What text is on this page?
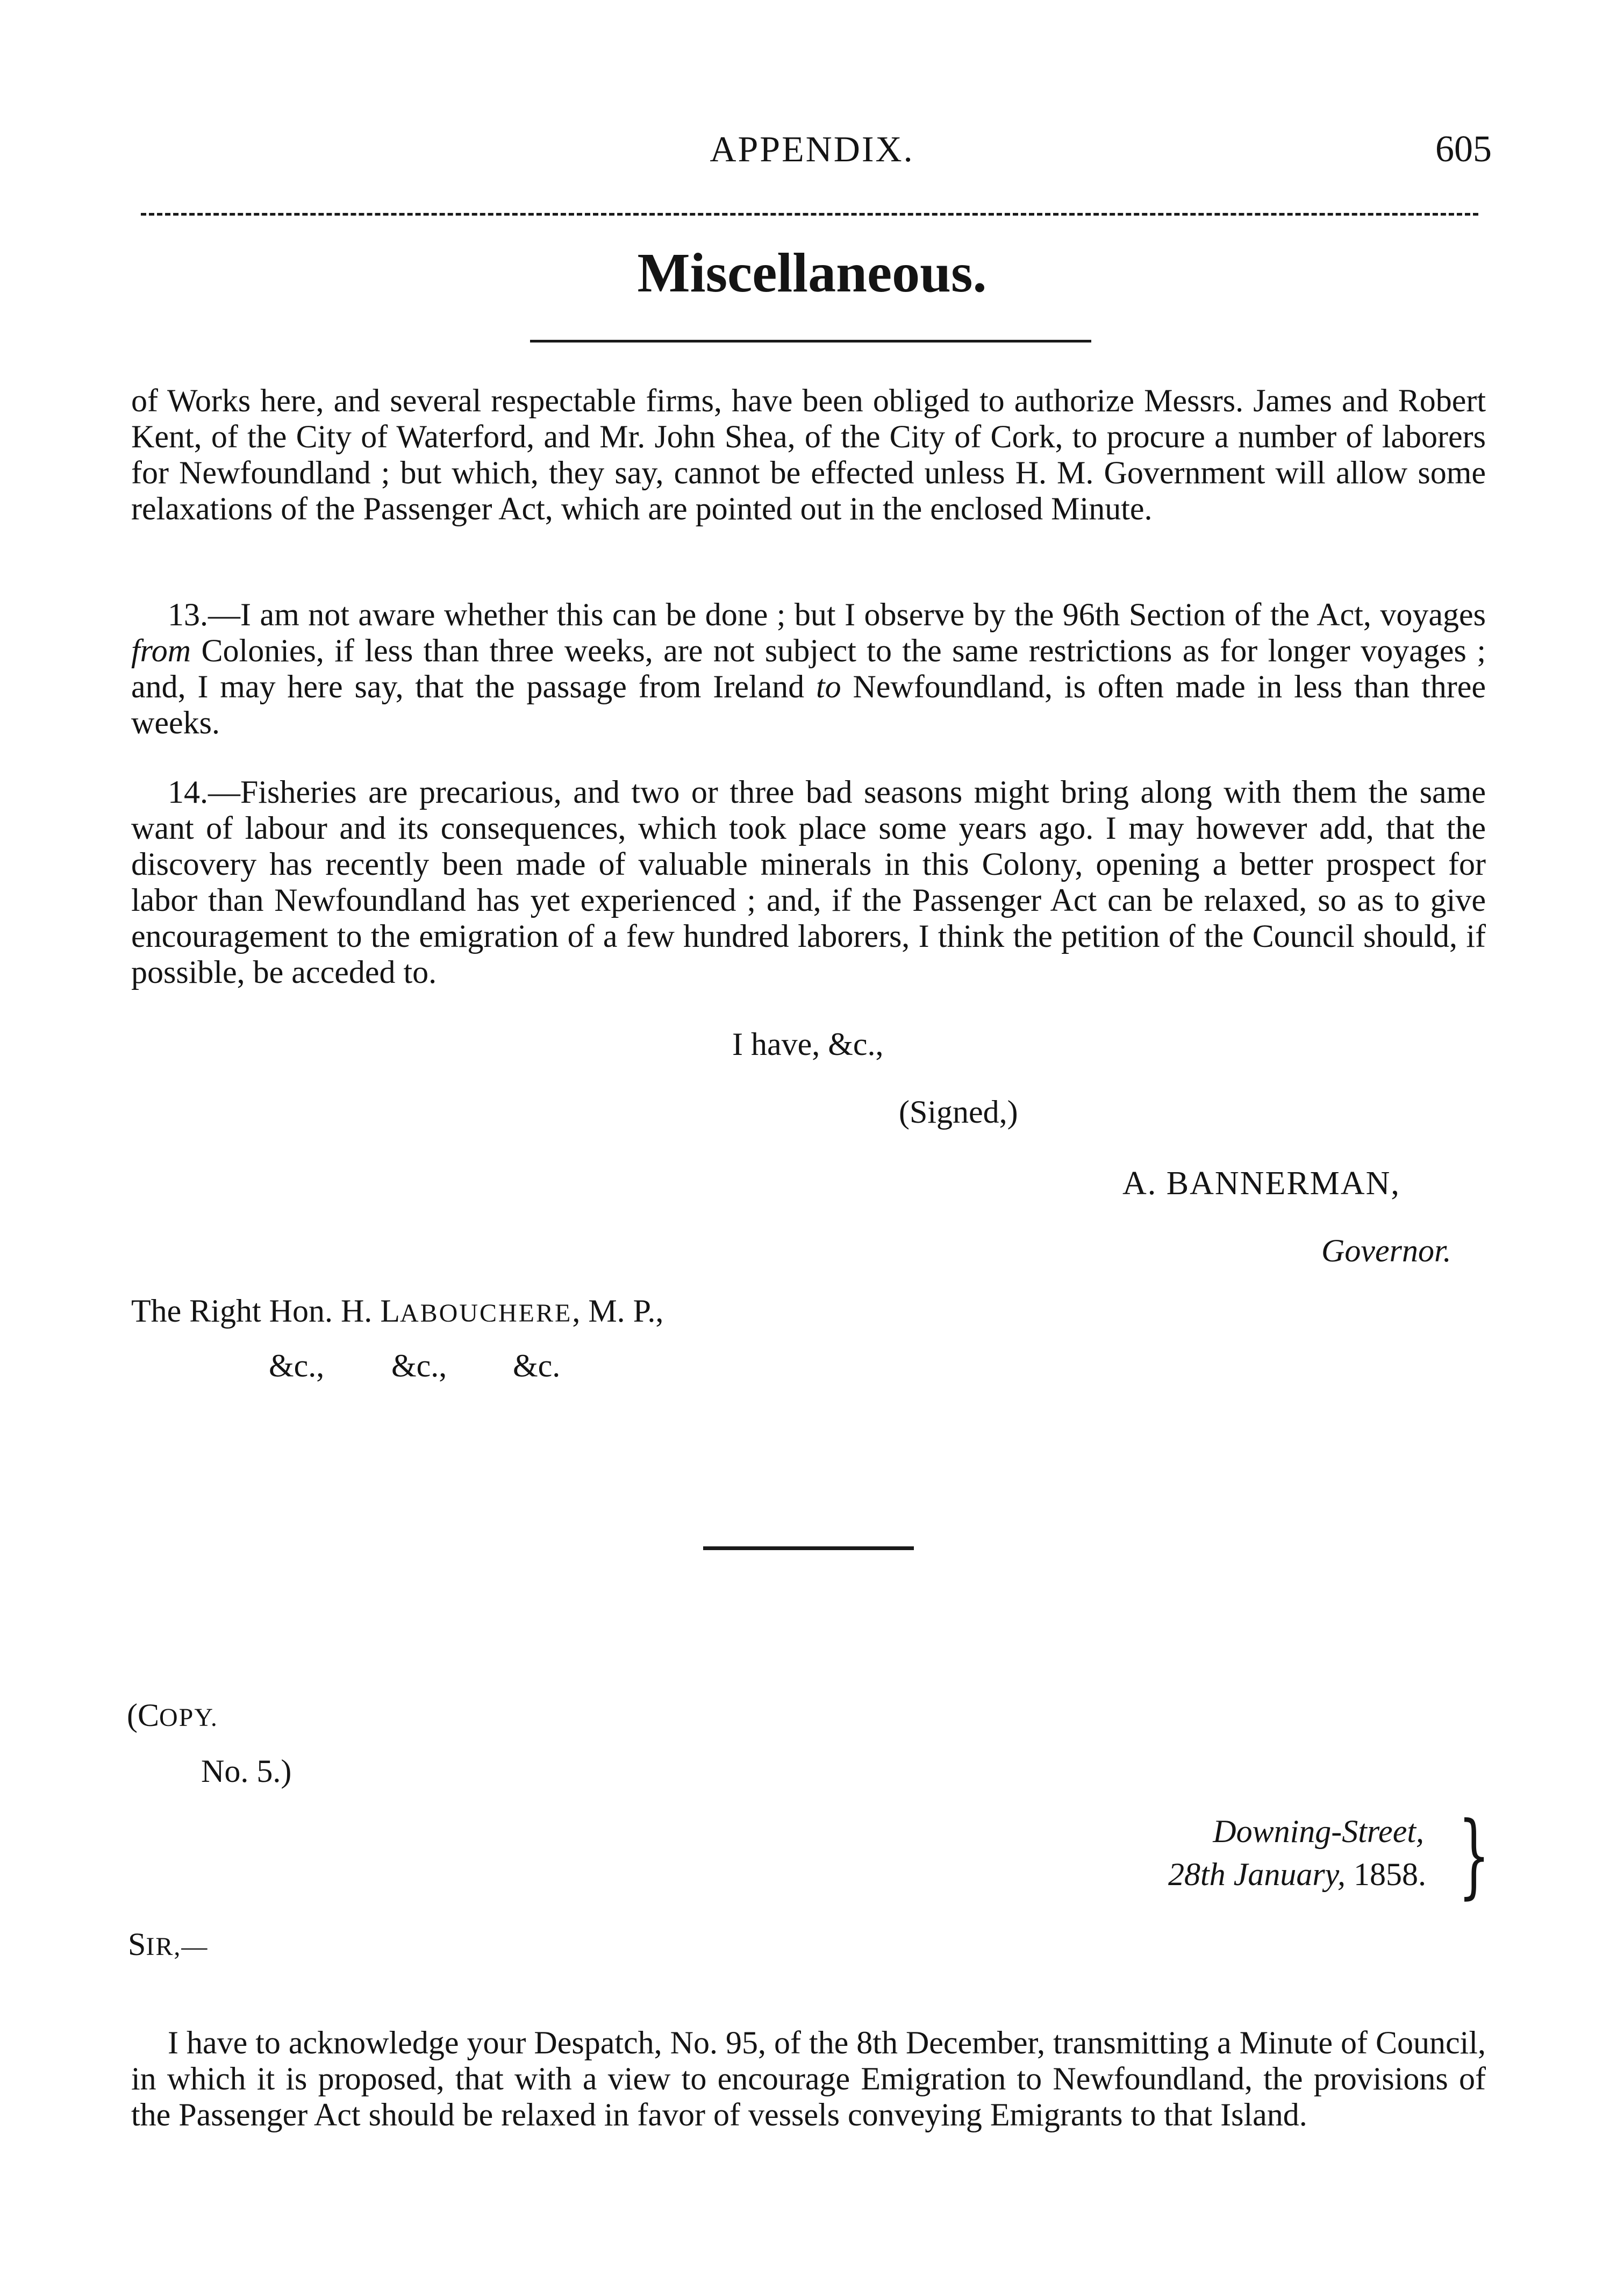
APPENDIX.	605
Miscellaneous.

of Works here, and several respectable firms, have been obliged to authorize Messrs. James and Robert Kent, of the City of Waterford, and Mr. John Shea, of the City of Cork, to procure a number of laborers for Newfoundland ; but which, they say, cannot be effected unless H. M. Government will allow some relaxations of the Passenger Act, which are pointed out in the enclosed Minute.

13.—I am not aware whether this can be done ; but I observe by the 96th Section of the Act, voyages from Colonies, if less than three weeks, are not subject to the same restrictions as for longer voyages ; and, I may here say, that the passage from Ireland to Newfoundland, is often made in less than three weeks.

14.—Fisheries are precarious, and two or three bad seasons might bring along with them the same want of labour and its consequences, which took place some years ago. I may however add, that the discovery has recently been made of valuable minerals in this Colony, opening a better prospect for labor than Newfoundland has yet experienced ; and, if the Passenger Act can be relaxed, so as to give encouragement to the emigration of a few hundred laborers, I think the petition of the Council should, if possible, be acceded to.

I have, &c.,
(Signed,)
A. BANNERMAN,
Governor.
The Right Hon. H. LABOUCHERE, M. P.,
&c., &c., &c.
(COPY.
No. 5.)
Downing-Street,
28th January, 1858. }
SIR,—

I have to acknowledge your Despatch, No. 95, of the 8th December, transmitting a Minute of Council, in which it is proposed, that with a view to encourage Emigration to Newfoundland, the provisions of the Passenger Act should be relaxed in favor of vessels conveying Emigrants to that Island.
